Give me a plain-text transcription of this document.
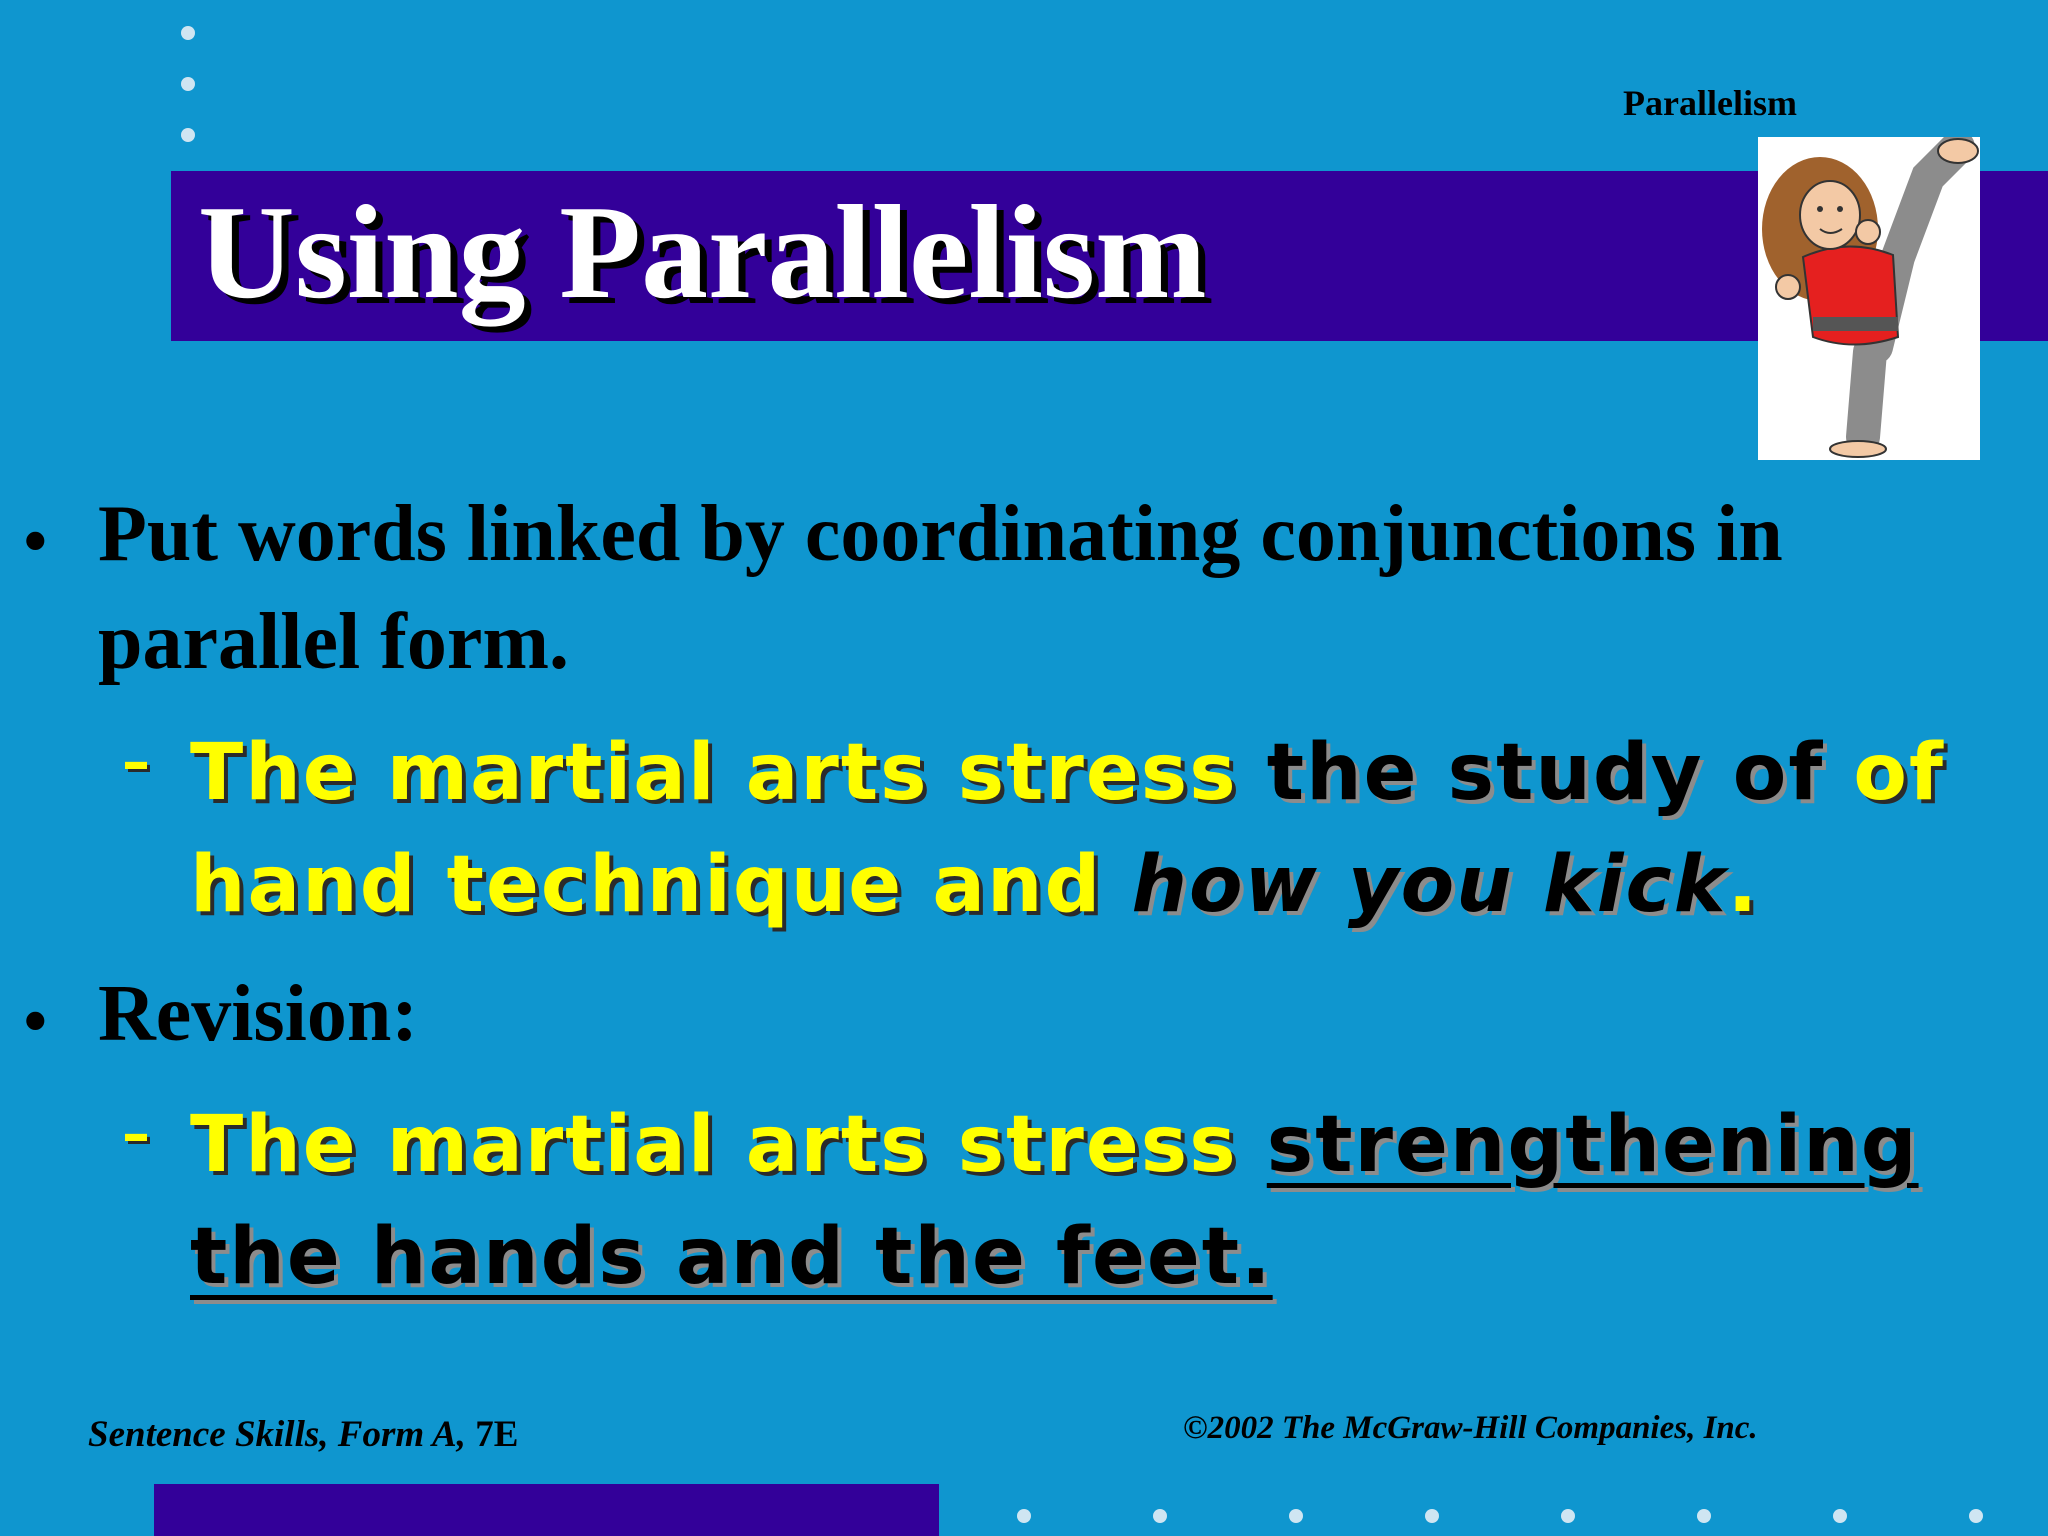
Parallelism
Using Parallelism
• Put words linked by coordinating conjunctions in parallel form.

– The martial arts stress the study of of hand technique and how you kick.

• Revision:

– The martial arts stress strengthening the hands and the feet.

Sentence Skills, Form A, 7E	©2002 The McGraw-Hill Companies, Inc.
